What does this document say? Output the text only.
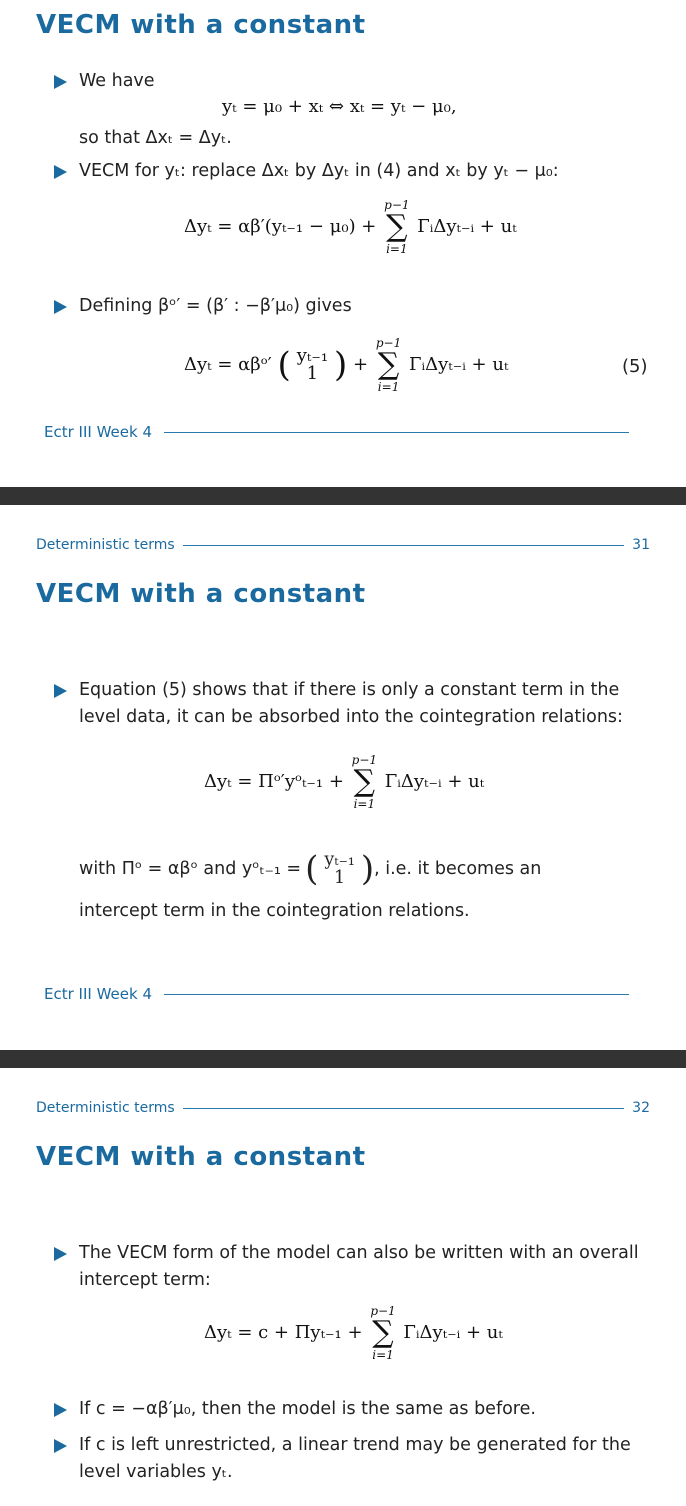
VECM with a constant
We have
yₜ = μ₀ + xₜ ⇔ xₜ = yₜ − μ₀,
so that Δxₜ = Δyₜ.
VECM for yₜ: replace Δxₜ by Δyₜ in (4) and xₜ by yₜ − μ₀:
Δyₜ = αβ′(yₜ₋₁ − μ₀) +
p−1
∑
i=1
ΓᵢΔyₜ₋ᵢ + uₜ
Defining βᵒ′ = (β′ : −β′μ₀) gives
Δyₜ = αβᵒ′ ( yₜ₋₁
1 ) +
p−1
∑
i=1
ΓᵢΔyₜ₋ᵢ + uₜ	(5)
Ectr III Week 4
Deterministic terms	31
VECM with a constant
Equation (5) shows that if there is only a constant term in the level data, it can be absorbed into the cointegration relations:
Δyₜ = Πᵒ′yᵒₜ₋₁ +
p−1
∑
i=1
ΓᵢΔyₜ₋ᵢ + uₜ
with Πᵒ = αβᵒ and yᵒₜ₋₁ = ( yₜ₋₁
1 ) , i.e. it becomes an
intercept term in the cointegration relations.
Ectr III Week 4
Deterministic terms	32
VECM with a constant
The VECM form of the model can also be written with an overall intercept term:
Δyₜ = c + Πyₜ₋₁ +
p−1
∑
i=1
ΓᵢΔyₜ₋ᵢ + uₜ
If c = −αβ′μ₀, then the model is the same as before.
If c is left unrestricted, a linear trend may be generated for the level variables yₜ.
